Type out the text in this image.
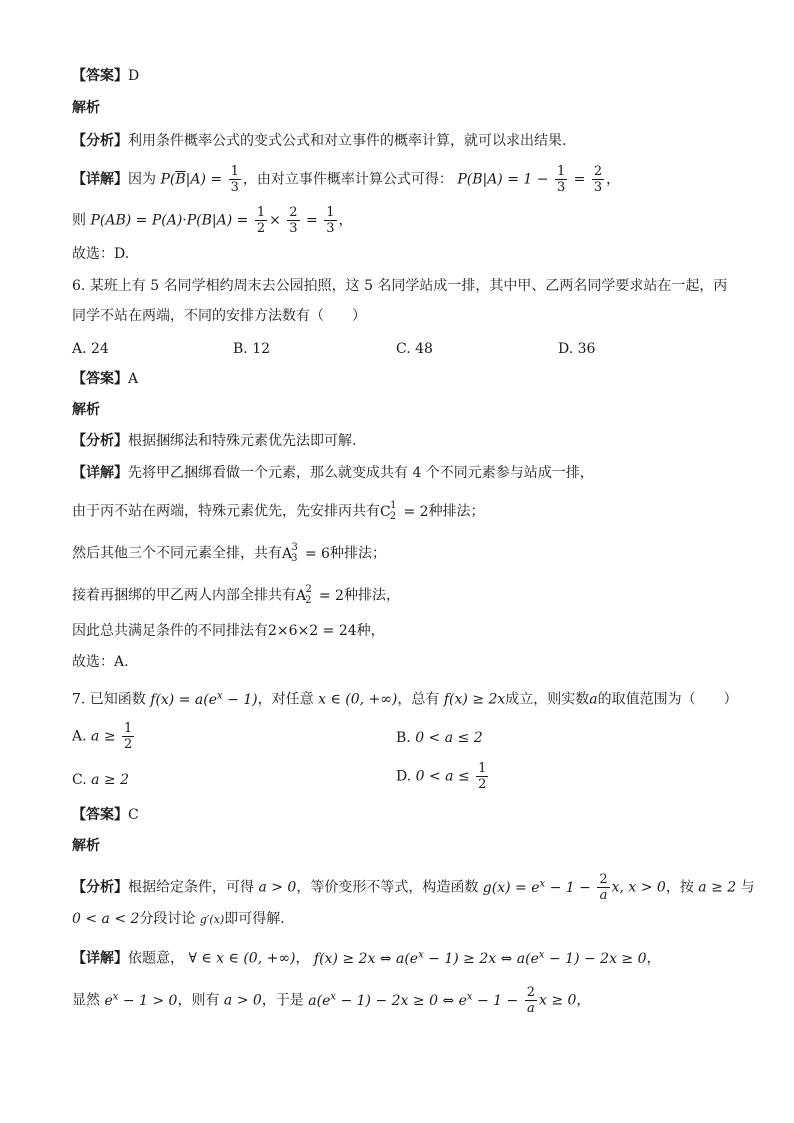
【答案】D
解析
【分析】利用条件概率公式的变式公式和对立事件的概率计算，就可以求出结果.
【详解】因为 $P(\overline{B}|A) = \frac{1}{3}$ ，由对立事件概率计算公式可得： $P(B|A) = 1 - \frac{1}{3} = \frac{2}{3}$ ，
则 $P(AB) = P(A)\cdot P(B|A) = \frac{1}{2} \times \frac{2}{3} = \frac{1}{3}$ ，
故选：D.
6. 某班上有 5 名同学相约周末去公园拍照，这 5 名同学站成一排，其中甲、乙两名同学要求站在一起，丙
同学不站在两端，不同的安排方法数有（　　）
A. 24	B. 12	C. 48	D. 36
【答案】A
解析
【分析】根据捆绑法和特殊元素优先法即可解.
【详解】先将甲乙捆绑看做一个元素，那么就变成共有 4 个不同元素参与站成一排，
由于丙不站在两端，特殊元素优先，先安排丙共有$C_2^1 = 2$种排法；
然后其他三个不同元素全排，共有$A_3^3 = 6$种排法；
接着再捆绑的甲乙两人内部全排共有$A_2^2 = 2$种排法，
因此总共满足条件的不同排法有2×6×2 = 24种，
故选：A.
7. 已知函数 $f(x) = a(e^x - 1)$，对任意 x ∈ (0, +∞)，总有 f(x) ≥ 2x成立，则实数a的取值范围为（　　）
A. $a \ge \frac{1}{2}$	B. 0 < a ≤ 2
C. a ≥ 2	D. $0 < a \le \frac{1}{2}$
【答案】C
解析
【分析】根据给定条件，可得 a > 0，等价变形不等式，构造函数 $g(x) = e^x - 1 - \frac{2}{a} x$, x > 0，按 a ≥ 2 与
0 < a < 2分段讨论 g′(x)即可得解.
【详解】依题意， ∀ ∈ x ∈ (0, +∞)， f(x) ≥ 2x ⇔ $a(e^x - 1) \ge 2x$ ⇔ $a(e^x - 1) - 2x \ge 0$，
显然 $e^x - 1 > 0$，则有 a > 0，于是 $a(e^x - 1) - 2x \ge 0$ ⇔ $e^x - 1 - \frac{2}{a}$ x ≥ 0，
